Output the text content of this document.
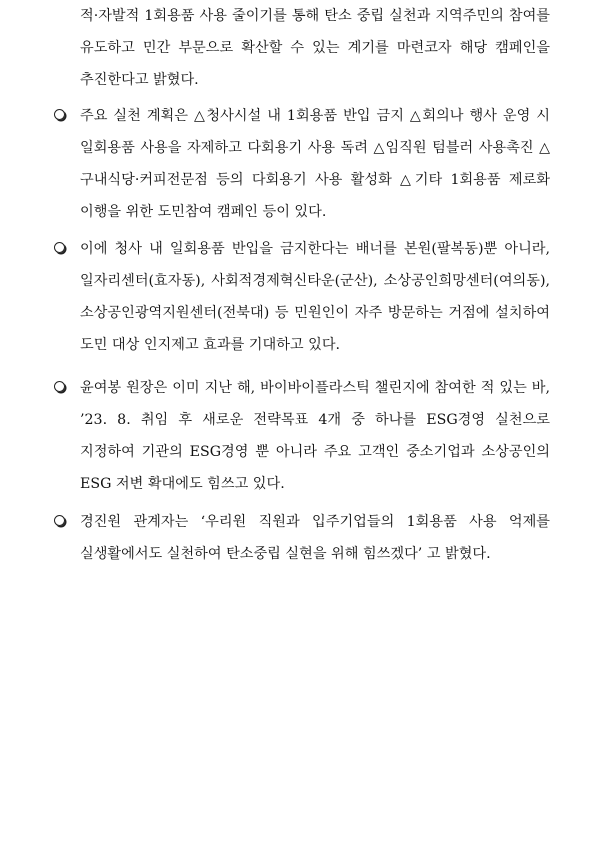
적·자발적 1회용품 사용 줄이기를 통해 탄소 중립 실천과 지역주민의 참여를 유도하고 민간 부문으로 확산할 수 있는 계기를 마련코자 해당 캠페인을 추진한다고 밝혔다.
주요 실천 계획은 △청사시설 내 1회용품 반입 금지 △회의나 행사 운영 시 일회용품 사용을 자제하고 다회용기 사용 독려 △임직원 텀블러 사용촉진 △구내식당·커피전문점 등의 다회용기 사용 활성화 △기타 1회용품 제로화 이행을 위한 도민참여 캠페인 등이 있다.
이에 청사 내 일회용품 반입을 금지한다는 배너를 본원(팔복동)뿐 아니라, 일자리센터(효자동), 사회적경제혁신타운(군산), 소상공인희망센터(여의동), 소상공인광역지원센터(전북대) 등 민원인이 자주 방문하는 거점에 설치하여 도민 대상 인지제고 효과를 기대하고 있다.
윤여봉 원장은 이미 지난 해, 바이바이플라스틱 챌린지에 참여한 적 있는 바, ’23. 8. 취임 후 새로운 전략목표 4개 중 하나를 ESG경영 실천으로 지정하여 기관의 ESG경영 뿐 아니라 주요 고객인 중소기업과 소상공인의 ESG 저변 확대에도 힘쓰고 있다.
경진원 관계자는 ‘우리원 직원과 입주기업들의 1회용품 사용 억제를 실생활에서도 실천하여 탄소중립 실현을 위해 힘쓰겠다’ 고 밝혔다.
